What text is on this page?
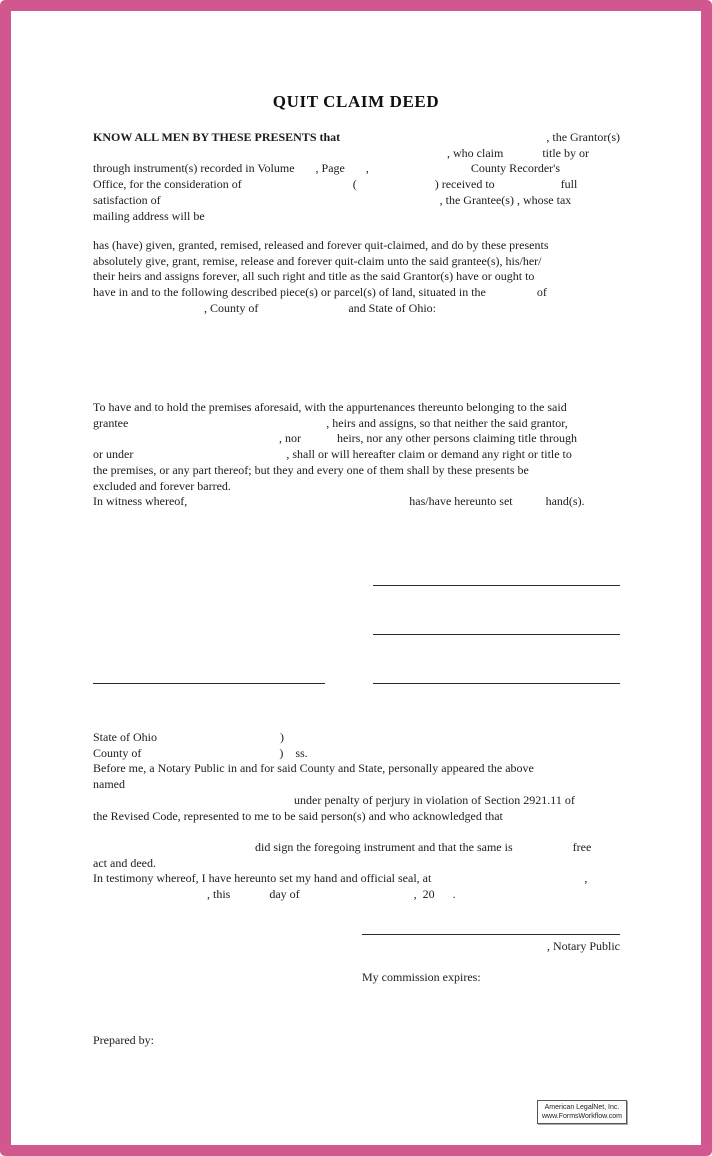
QUIT CLAIM DEED
KNOW ALL MEN BY THESE PRESENTS that	, the Grantor(s)
, who claim             title by or
through instrument(s) recorded in Volume       , Page       ,                                  County Recorder's
Office, for the consideration of                                     (                          ) received to                      full
satisfaction of                                                                                             , the Grantee(s) , whose tax
mailing address will be
has (have) given, granted, remised, released and forever quit-claimed, and do by these presents
absolutely give, grant, remise, release and forever quit-claim unto the said grantee(s), his/her/
their heirs and assigns forever, all such right and title as the said Grantor(s) have or ought to
have in and to the following described piece(s) or parcel(s) of land, situated in the                 of
, County of                              and State of Ohio:
To have and to hold the premises aforesaid, with the appurtenances thereunto belonging to the said
grantee                                                                  , heirs and assigns, so that neither the said grantor,
, nor            heirs, nor any other persons claiming title through
or under                                                   , shall or will hereafter claim or demand any right or title to
the premises, or any part thereof; but they and every one of them shall by these presents be
excluded and forever barred.
In witness whereof,                                                                          has/have hereunto set           hand(s).
State of Ohio                                         )
County of                                              )    ss.
Before me, a Notary Public in and for said County and State, personally appeared the above
named
under penalty of perjury in violation of Section 2921.11 of
the Revised Code, represented to me to be said person(s) and who acknowledged that
did sign the foregoing instrument and that the same is                    free
act and deed.
In testimony whereof, I have hereunto set my hand and official seal, at                                                   ,
, this             day of                                      ,  20      .
, Notary Public
My commission expires:
Prepared by:
American LegalNet, Inc.
www.FormsWorkflow.com
